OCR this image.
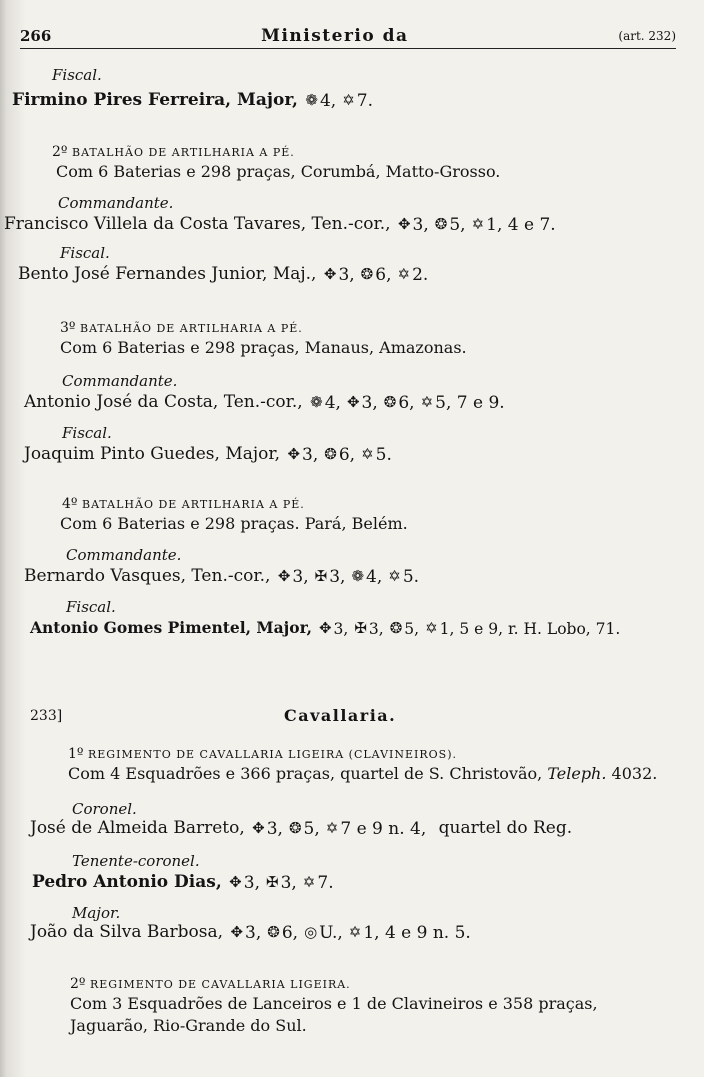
266	Ministerio da	(art. 232)
Fiscal.
Firmino Pires Ferreira, Major, ❁ 4, ✡ 7.
2º BATALHÃO DE ARTILHARIA A PÉ.
Com 6 Baterias e 298 praças, Corumbá, Matto-Grosso.
Commandante.
Francisco Villela da Costa Tavares, Ten.-cor., ✥ 3, ❂ 5, ✡ 1, 4 e 7.
Fiscal.
Bento José Fernandes Junior, Maj., ✥ 3, ❂ 6, ✡ 2.
3º BATALHÃO DE ARTILHARIA A PÉ.
Com 6 Baterias e 298 praças, Manaus, Amazonas.
Commandante.
Antonio José da Costa, Ten.-cor., ❁ 4, ✥ 3, ❂ 6, ✡ 5, 7 e 9.
Fiscal.
Joaquim Pinto Guedes, Major, ✥ 3, ❂ 6, ✡ 5.
4º BATALHÃO DE ARTILHARIA A PÉ.
Com 6 Baterias e 298 praças. Pará, Belém.
Commandante.
Bernardo Vasques, Ten.-cor., ✥ 3, ✠ 3, ❁ 4, ✡ 5.
Fiscal.
Antonio Gomes Pimentel, Major, ✥ 3, ✠ 3, ❂ 5, ✡ 1, 5 e 9, r. H. Lobo, 71.
233]	Cavallaria.
1º REGIMENTO DE CAVALLARIA LIGEIRA (CLAVINEIROS).
Com 4 Esquadrões e 366 praças, quartel de S. Christovão, Teleph. 4032.
Coronel.
José de Almeida Barreto, ✥ 3, ❂ 5, ✡ 7 e 9 n. 4, quartel do Reg.
Tenente-coronel.
Pedro Antonio Dias, ✥ 3, ✠ 3, ✡ 7.
Major.
João da Silva Barbosa, ✥ 3, ❂ 6, ◎ U., ✡ 1, 4 e 9 n. 5.
2º REGIMENTO DE CAVALLARIA LIGEIRA.
Com 3 Esquadrões de Lanceiros e 1 de Clavineiros e 358 praças,
Jaguarão, Rio-Grande do Sul.
